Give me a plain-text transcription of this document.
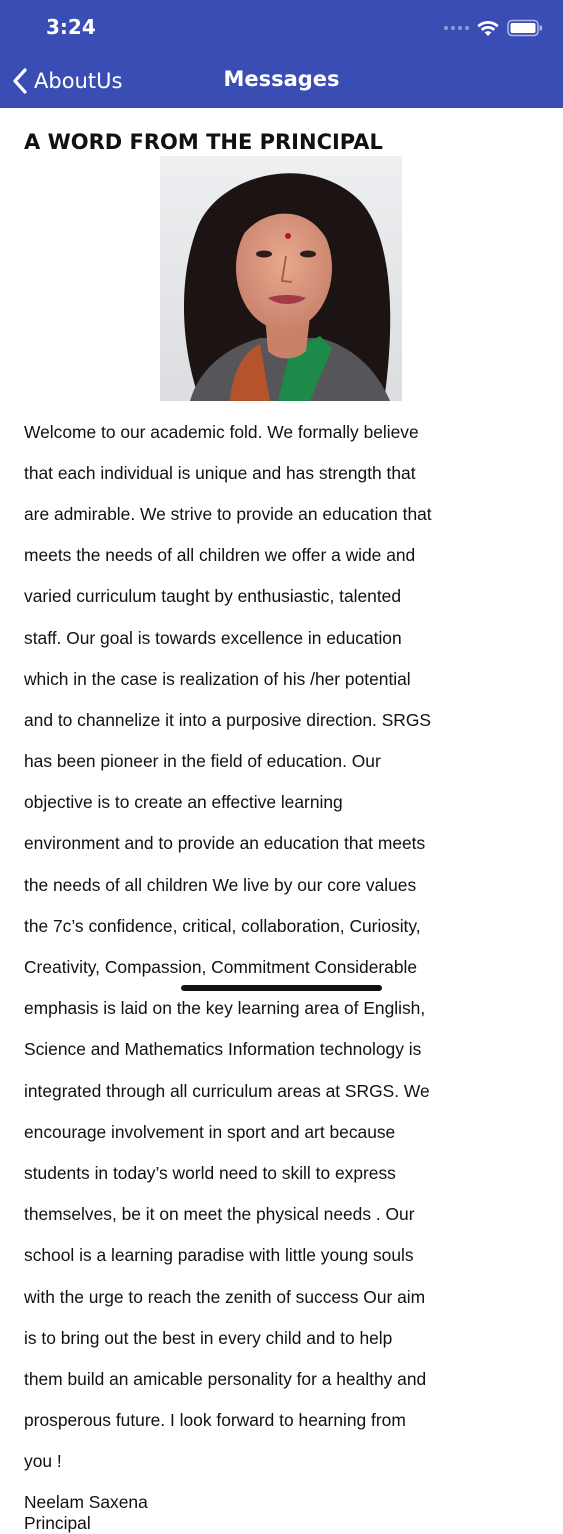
3:24
AboutUs	Messages
A WORD FROM THE PRINCIPAL

Welcome to our academic fold. We formally believe

that each individual is unique and has strength that

are admirable. We strive to provide an education that

meets the needs of all children we offer a wide and

varied curriculum taught by enthusiastic, talented

staff. Our goal is towards excellence in education

which in the case is realization of his /her potential

and to channelize it into a purposive direction. SRGS

has been pioneer in the field of education. Our

objective is to create an effective learning

environment and to provide an education that meets

the needs of all children We live by our core values

the 7c’s confidence, critical, collaboration, Curiosity,

Creativity, Compassion, Commitment Considerable

emphasis is laid on the key learning area of English,

Science and Mathematics Information technology is

integrated through all curriculum areas at SRGS. We

encourage involvement in sport and art because

students in today’s world need to skill to express

themselves, be it on meet the physical needs . Our

school is a learning paradise with little young souls

with the urge to reach the zenith of success Our aim

is to bring out the best in every child and to help

them build an amicable personality for a healthy and

prosperous future. I look forward to hearning from

you !

Neelam Saxena
Principal
